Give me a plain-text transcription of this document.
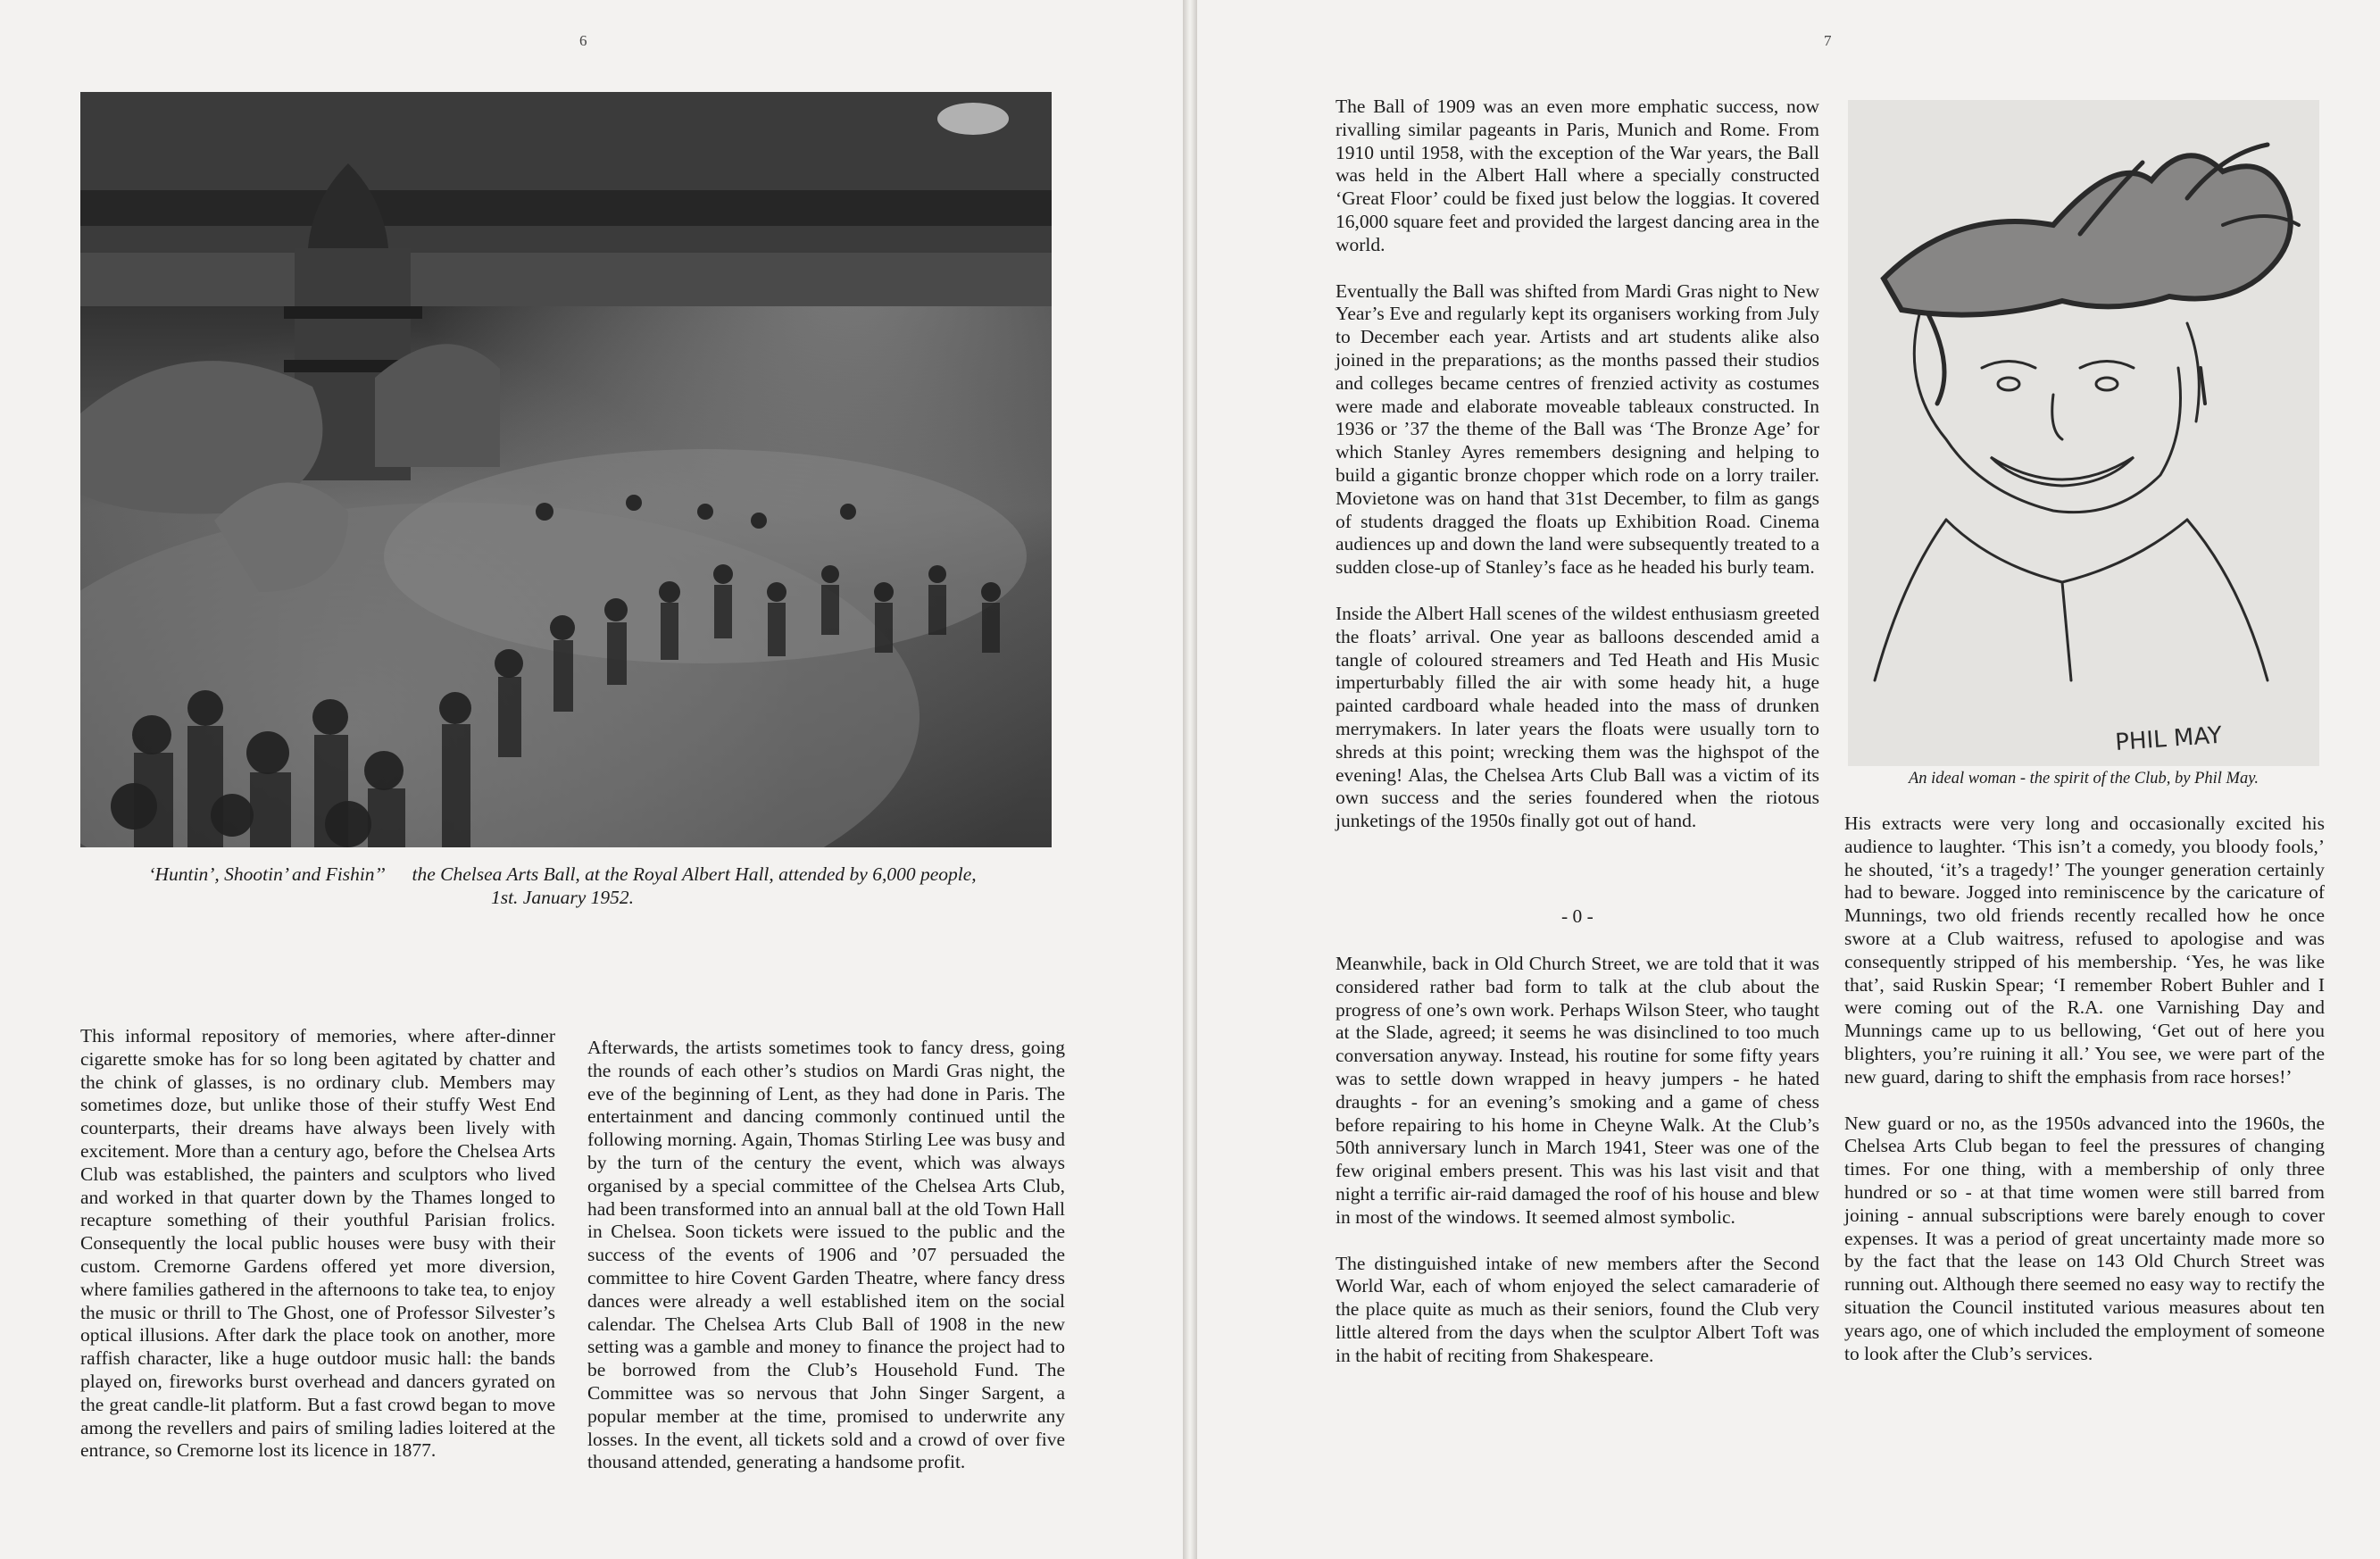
6	7
‘Huntin’, Shootin’ and Fishin’’ the Chelsea Arts Ball, at the Royal Albert Hall, attended by 6,000 people, 1st. January 1952.

This informal repository of memories, where after-dinner cigarette smoke has for so long been agitated by chatter and the chink of glasses, is no ordinary club. Members may sometimes doze, but unlike those of their stuffy West End counterparts, their dreams have always been lively with excitement. More than a century ago, before the Chelsea Arts Club was established, the painters and sculptors who lived and worked in that quarter down by the Thames longed to recapture something of their youthful Parisian frolics. Consequently the local public houses were busy with their custom. Cremorne Gardens offered yet more diversion, where families gathered in the afternoons to take tea, to enjoy the music or thrill to The Ghost, one of Professor Silvester’s optical illusions. After dark the place took on another, more raffish character, like a huge outdoor music hall: the bands played on, fireworks burst overhead and dancers gyrated on the great candle-lit platform. But a fast crowd began to move among the revellers and pairs of smiling ladies loitered at the entrance, so Cremorne lost its licence in 1877.

Afterwards, the artists sometimes took to fancy dress, going the rounds of each other’s studios on Mardi Gras night, the eve of the beginning of Lent, as they had done in Paris. The entertainment and dancing commonly continued until the following morning. Again, Thomas Stirling Lee was busy and by the turn of the century the event, which was always organised by a special committee of the Chelsea Arts Club, had been transformed into an annual ball at the old Town Hall in Chelsea. Soon tickets were issued to the public and the success of the events of 1906 and ’07 persuaded the committee to hire Covent Garden Theatre, where fancy dress dances were already a well established item on the social calendar. The Chelsea Arts Club Ball of 1908 in the new setting was a gamble and money to finance the project had to be borrowed from the Club’s Household Fund. The Committee was so nervous that John Singer Sargent, a popular member at the time, promised to underwrite any losses. In the event, all tickets sold and a crowd of over five thousand attended, generating a handsome profit.

The Ball of 1909 was an even more emphatic success, now rivalling similar pageants in Paris, Munich and Rome. From 1910 until 1958, with the exception of the War years, the Ball was held in the Albert Hall where a specially constructed ‘Great Floor’ could be fixed just below the loggias. It covered 16,000 square feet and provided the largest dancing area in the world.

Eventually the Ball was shifted from Mardi Gras night to New Year’s Eve and regularly kept its organisers working from July to December each year. Artists and art students alike also joined in the preparations; as the months passed their studios and colleges became centres of frenzied activity as costumes were made and elaborate moveable tableaux constructed. In 1936 or ’37 the theme of the Ball was ‘The Bronze Age’ for which Stanley Ayres remembers designing and helping to build a gigantic bronze chopper which rode on a lorry trailer. Movietone was on hand that 31st December, to film as gangs of students dragged the floats up Exhibition Road. Cinema audiences up and down the land were subsequently treated to a sudden close-up of Stanley’s face as he headed his burly team.

Inside the Albert Hall scenes of the wildest enthusiasm greeted the floats’ arrival. One year as balloons descended amid a tangle of coloured streamers and Ted Heath and His Music imperturbably filled the air with some heady hit, a huge painted cardboard whale headed into the mass of drunken merrymakers. In later years the floats were usually torn to shreds at this point; wrecking them was the highspot of the evening! Alas, the Chelsea Arts Club Ball was a victim of its own success and the series foundered when the riotous junketings of the 1950s finally got out of hand.

- 0 -

Meanwhile, back in Old Church Street, we are told that it was considered rather bad form to talk at the club about the progress of one’s own work. Perhaps Wilson Steer, who taught at the Slade, agreed; it seems he was disinclined to too much conversation anyway. Instead, his routine for some fifty years was to settle down wrapped in heavy jumpers - he hated draughts - for an evening’s smoking and a game of chess before repairing to his home in Cheyne Walk. At the Club’s 50th anniversary lunch in March 1941, Steer was one of the few original embers present. This was his last visit and that night a terrific air-raid damaged the roof of his house and blew in most of the windows. It seemed almost symbolic.

The distinguished intake of new members after the Second World War, each of whom enjoyed the select camaraderie of the place quite as much as their seniors, found the Club very little altered from the days when the sculptor Albert Toft was in the habit of reciting from Shakespeare.

His extracts were very long and occasionally excited his audience to laughter. ‘This isn’t a comedy, you bloody fools,’ he shouted, ‘it’s a tragedy!’ The younger generation certainly had to beware. Jogged into reminiscence by the caricature of Munnings, two old friends recently recalled how he once swore at a Club waitress, refused to apologise and was consequently stripped of his membership. ‘Yes, he was like that’, said Ruskin Spear; ‘I remember Robert Buhler and I were coming out of the R.A. one Varnishing Day and Munnings came up to us bellowing, ‘Get out of here you blighters, you’re ruining it all.’ You see, we were part of the new guard, daring to shift the emphasis from race horses!’

New guard or no, as the 1950s advanced into the 1960s, the Chelsea Arts Club began to feel the pressures of changing times. For one thing, with a membership of only three hundred or so - at that time women were still barred from joining - annual subscriptions were barely enough to cover expenses. It was a period of great uncertainty made more so by the fact that the lease on 143 Old Church Street was running out. Although there seemed no easy way to rectify the situation the Council instituted various measures about ten years ago, one of which included the employment of someone to look after the Club’s services.

PHIL MAY
An ideal woman - the spirit of the Club, by Phil May.
